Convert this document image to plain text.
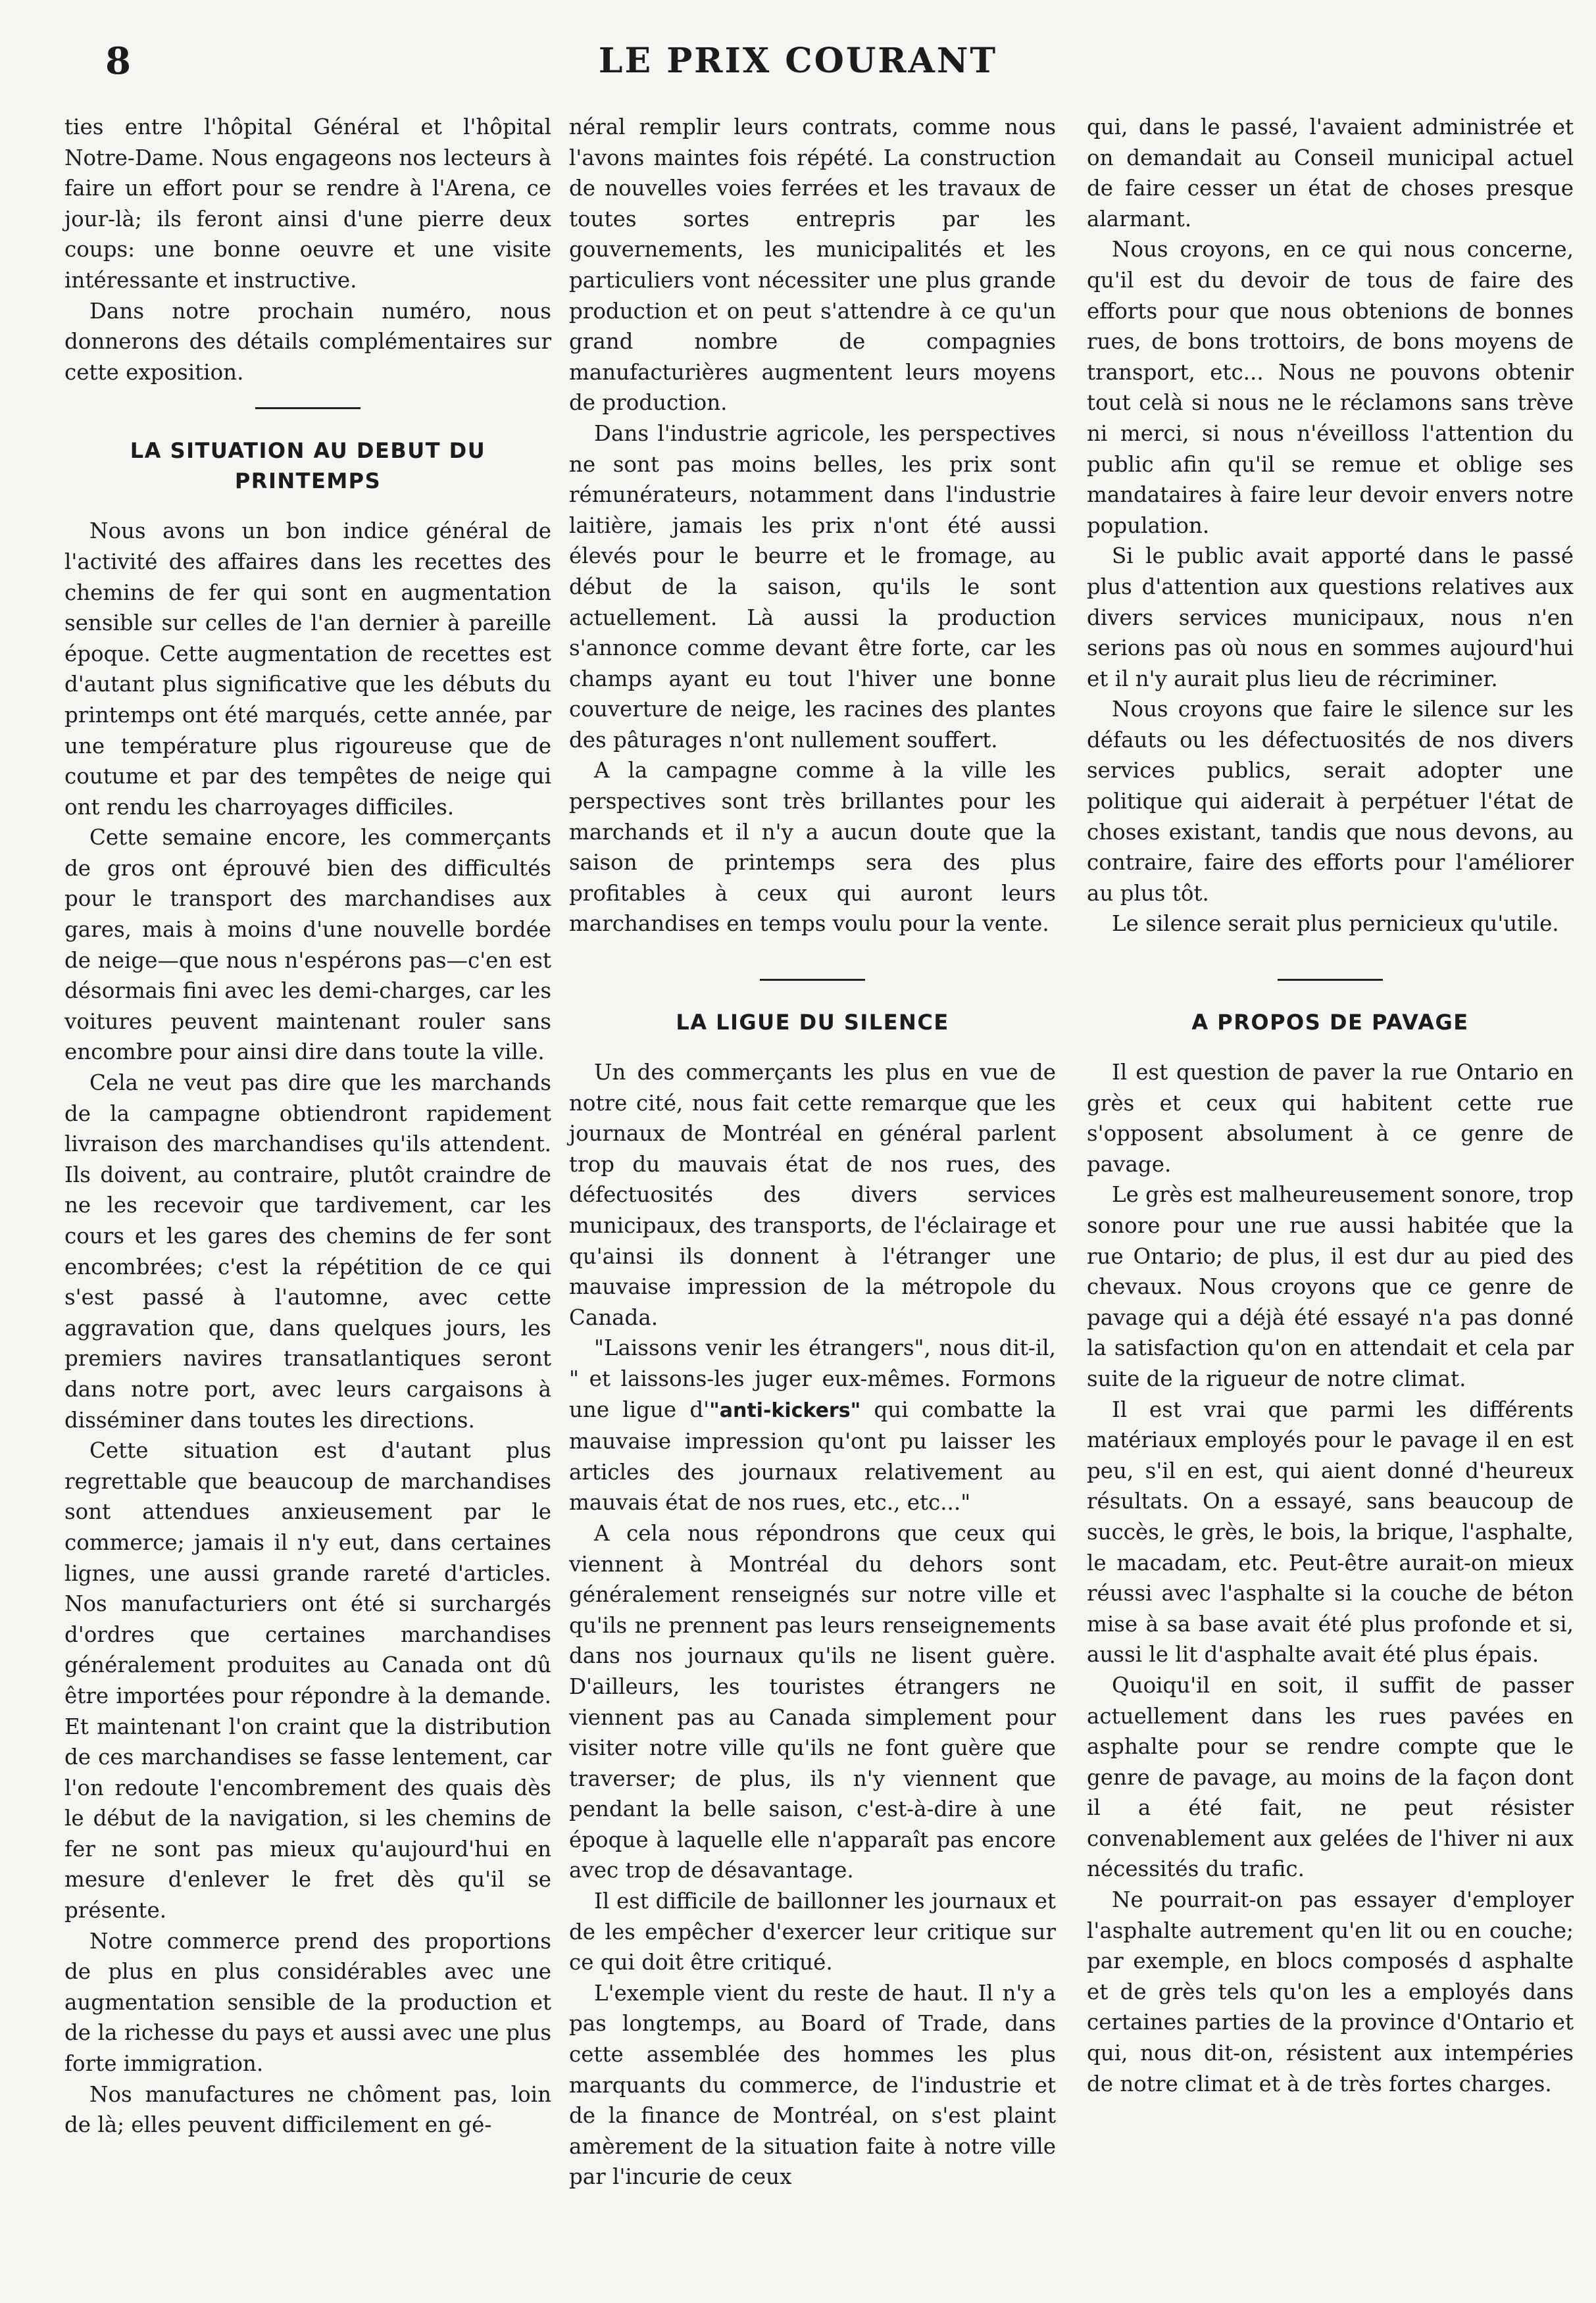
8	LE PRIX COURANT

ties entre l'hôpital Général et l'hôpital Notre-Dame. Nous engageons nos lecteurs à faire un effort pour se rendre à l'Arena, ce jour-là; ils feront ainsi d'une pierre deux coups: une bonne oeuvre et une visite intéressante et instructive.

Dans notre prochain numéro, nous donnerons des détails complémentaires sur cette exposition.

LA SITUATION AU DEBUT DU PRINTEMPS

Nous avons un bon indice général de l'activité des affaires dans les recettes des chemins de fer qui sont en augmentation sensible sur celles de l'an dernier à pareille époque. Cette augmentation de recettes est d'autant plus significative que les débuts du printemps ont été marqués, cette année, par une température plus rigoureuse que de coutume et par des tempêtes de neige qui ont rendu les charroyages difficiles.

Cette semaine encore, les commerçants de gros ont éprouvé bien des difficultés pour le transport des marchandises aux gares, mais à moins d'une nouvelle bordée de neige—que nous n'espérons pas—c'en est désormais fini avec les demi-charges, car les voitures peuvent maintenant rouler sans encombre pour ainsi dire dans toute la ville.

Cela ne veut pas dire que les marchands de la campagne obtiendront rapidement livraison des marchandises qu'ils attendent. Ils doivent, au contraire, plutôt craindre de ne les recevoir que tardivement, car les cours et les gares des chemins de fer sont encombrées; c'est la répétition de ce qui s'est passé à l'automne, avec cette aggravation que, dans quelques jours, les premiers navires transatlantiques seront dans notre port, avec leurs cargaisons à disséminer dans toutes les directions.

Cette situation est d'autant plus regrettable que beaucoup de marchandises sont attendues anxieusement par le commerce; jamais il n'y eut, dans certaines lignes, une aussi grande rareté d'articles. Nos manufacturiers ont été si surchargés d'ordres que certaines marchandises généralement produites au Canada ont dû être importées pour répondre à la demande. Et maintenant l'on craint que la distribution de ces marchandises se fasse lentement, car l'on redoute l'encombrement des quais dès le début de la navigation, si les chemins de fer ne sont pas mieux qu'aujourd'hui en mesure d'enlever le fret dès qu'il se présente.

Notre commerce prend des proportions de plus en plus considérables avec une augmentation sensible de la production et de la richesse du pays et aussi avec une plus forte immigration.

Nos manufactures ne chôment pas, loin de là; elles peuvent difficilement en gé-

néral remplir leurs contrats, comme nous l'avons maintes fois répété. La construction de nouvelles voies ferrées et les travaux de toutes sortes entrepris par les gouvernements, les municipalités et les particuliers vont nécessiter une plus grande production et on peut s'attendre à ce qu'un grand nombre de compagnies manufacturières augmentent leurs moyens de production.

Dans l'industrie agricole, les perspectives ne sont pas moins belles, les prix sont rémunérateurs, notamment dans l'industrie laitière, jamais les prix n'ont été aussi élevés pour le beurre et le fromage, au début de la saison, qu'ils le sont actuellement. Là aussi la production s'annonce comme devant être forte, car les champs ayant eu tout l'hiver une bonne couverture de neige, les racines des plantes des pâturages n'ont nullement souffert.

A la campagne comme à la ville les perspectives sont très brillantes pour les marchands et il n'y a aucun doute que la saison de printemps sera des plus profitables à ceux qui auront leurs marchandises en temps voulu pour la vente.

LA LIGUE DU SILENCE

Un des commerçants les plus en vue de notre cité, nous fait cette remarque que les journaux de Montréal en général parlent trop du mauvais état de nos rues, des défectuosités des divers services municipaux, des transports, de l'éclairage et qu'ainsi ils donnent à l'étranger une mauvaise impression de la métropole du Canada.

"Laissons venir les étrangers", nous dit-il, " et laissons-les juger eux-mêmes. Formons une ligue d'"anti-kickers" qui combatte la mauvaise impression qu'ont pu laisser les articles des journaux relativement au mauvais état de nos rues, etc., etc..."

A cela nous répondrons que ceux qui viennent à Montréal du dehors sont généralement renseignés sur notre ville et qu'ils ne prennent pas leurs renseignements dans nos journaux qu'ils ne lisent guère. D'ailleurs, les touristes étrangers ne viennent pas au Canada simplement pour visiter notre ville qu'ils ne font guère que traverser; de plus, ils n'y viennent que pendant la belle saison, c'est-à-dire à une époque à laquelle elle n'apparaît pas encore avec trop de désavantage.

Il est difficile de baillonner les journaux et de les empêcher d'exercer leur critique sur ce qui doit être critiqué.

L'exemple vient du reste de haut. Il n'y a pas longtemps, au Board of Trade, dans cette assemblée des hommes les plus marquants du commerce, de l'industrie et de la finance de Montréal, on s'est plaint amèrement de la situation faite à notre ville par l'incurie de ceux

qui, dans le passé, l'avaient administrée et on demandait au Conseil municipal actuel de faire cesser un état de choses presque alarmant.

Nous croyons, en ce qui nous concerne, qu'il est du devoir de tous de faire des efforts pour que nous obtenions de bonnes rues, de bons trottoirs, de bons moyens de transport, etc... Nous ne pouvons obtenir tout celà si nous ne le réclamons sans trève ni merci, si nous n'éveilloss l'attention du public afin qu'il se remue et oblige ses mandataires à faire leur devoir envers notre population.

Si le public avait apporté dans le passé plus d'attention aux questions relatives aux divers services municipaux, nous n'en serions pas où nous en sommes aujourd'hui et il n'y aurait plus lieu de récriminer.

Nous croyons que faire le silence sur les défauts ou les défectuosités de nos divers services publics, serait adopter une politique qui aiderait à perpétuer l'état de choses existant, tandis que nous devons, au contraire, faire des efforts pour l'améliorer au plus tôt.

Le silence serait plus pernicieux qu'utile.

A PROPOS DE PAVAGE

Il est question de paver la rue Ontario en grès et ceux qui habitent cette rue s'opposent absolument à ce genre de pavage.

Le grès est malheureusement sonore, trop sonore pour une rue aussi habitée que la rue Ontario; de plus, il est dur au pied des chevaux. Nous croyons que ce genre de pavage qui a déjà été essayé n'a pas donné la satisfaction qu'on en attendait et cela par suite de la rigueur de notre climat.

Il est vrai que parmi les différents matériaux employés pour le pavage il en est peu, s'il en est, qui aient donné d'heureux résultats. On a essayé, sans beaucoup de succès, le grès, le bois, la brique, l'asphalte, le macadam, etc. Peut-être aurait-on mieux réussi avec l'asphalte si la couche de béton mise à sa base avait été plus profonde et si, aussi le lit d'asphalte avait été plus épais.

Quoiqu'il en soit, il suffit de passer actuellement dans les rues pavées en asphalte pour se rendre compte que le genre de pavage, au moins de la façon dont il a été fait, ne peut résister convenablement aux gelées de l'hiver ni aux nécessités du trafic.

Ne pourrait-on pas essayer d'employer l'asphalte autrement qu'en lit ou en couche; par exemple, en blocs composés d asphalte et de grès tels qu'on les a employés dans certaines parties de la province d'Ontario et qui, nous dit-on, résistent aux intempéries de notre climat et à de très fortes charges.
